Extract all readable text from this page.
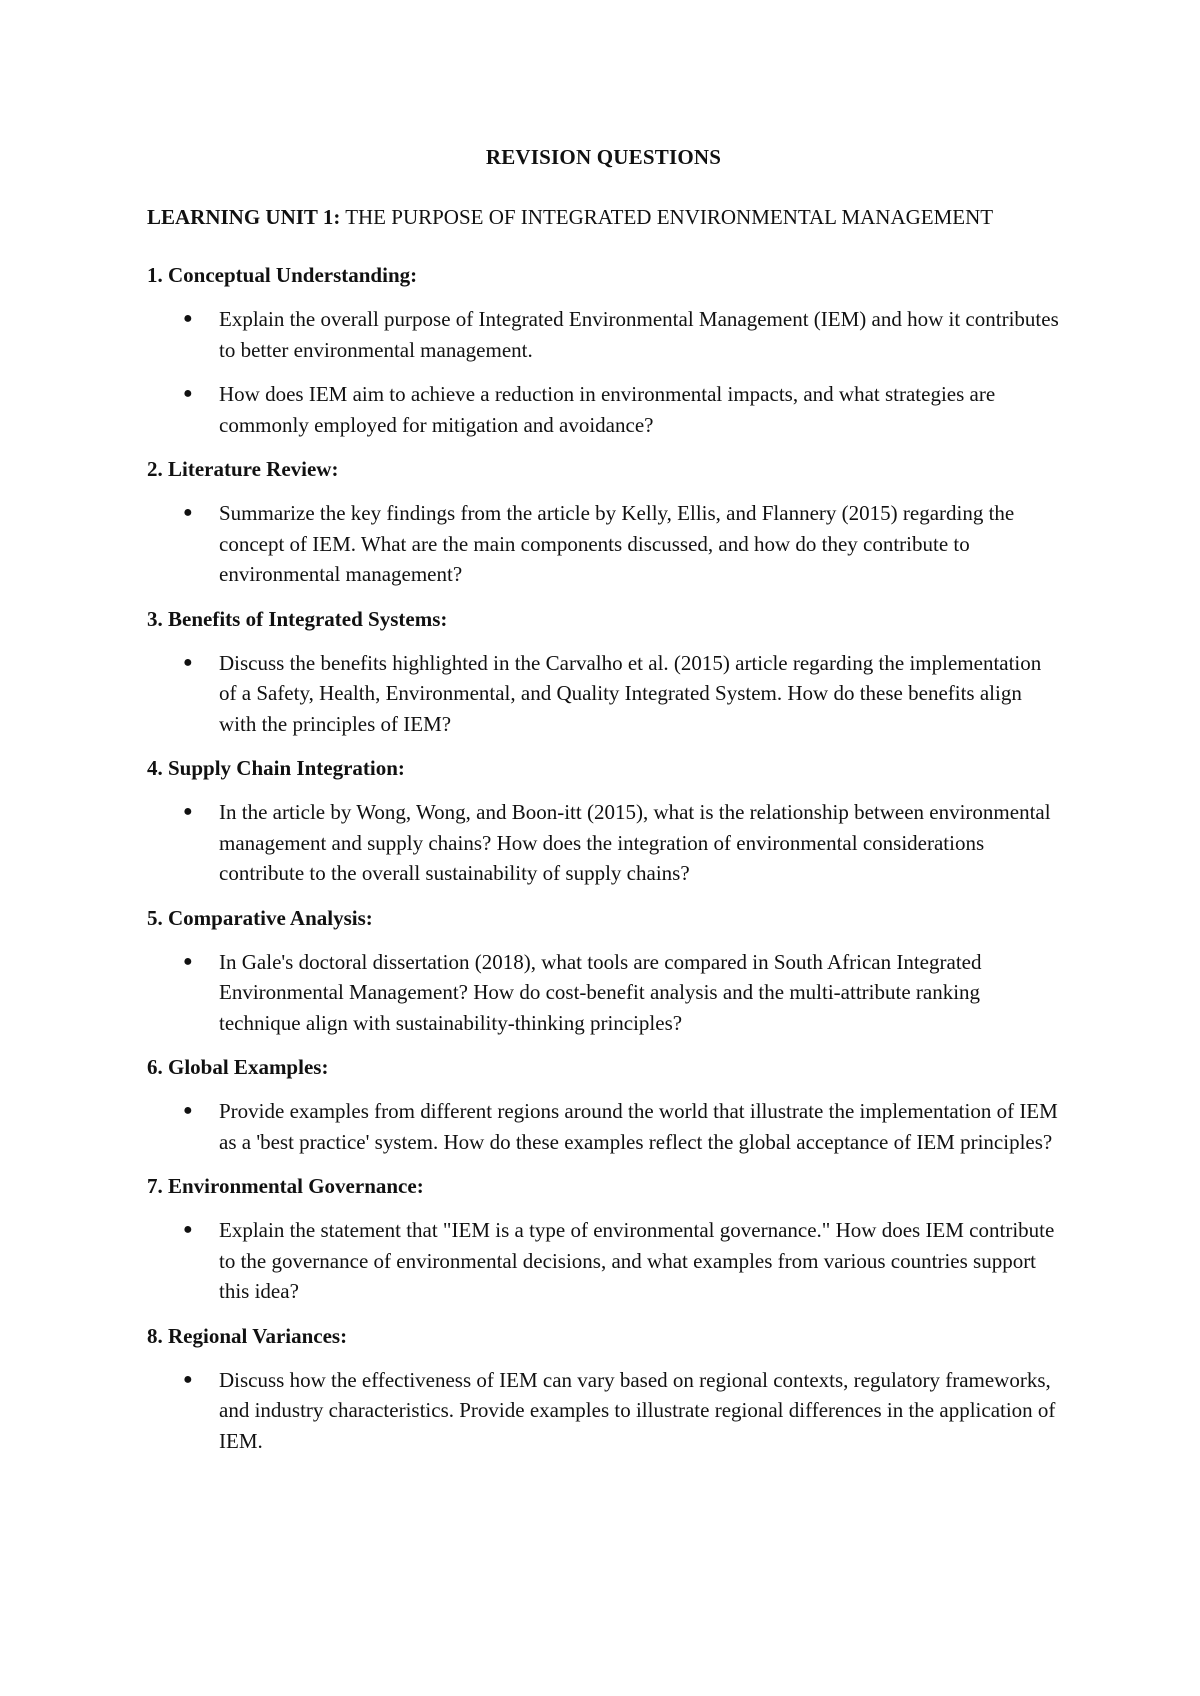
REVISION QUESTIONS
LEARNING UNIT 1: THE PURPOSE OF INTEGRATED ENVIRONMENTAL MANAGEMENT
1. Conceptual Understanding:
● Explain the overall purpose of Integrated Environmental Management (IEM) and how it contributes to better environmental management.
● How does IEM aim to achieve a reduction in environmental impacts, and what strategies are commonly employed for mitigation and avoidance?
2. Literature Review:
● Summarize the key findings from the article by Kelly, Ellis, and Flannery (2015) regarding the concept of IEM. What are the main components discussed, and how do they contribute to environmental management?
3. Benefits of Integrated Systems:
● Discuss the benefits highlighted in the Carvalho et al. (2015) article regarding the implementation of a Safety, Health, Environmental, and Quality Integrated System. How do these benefits align with the principles of IEM?
4. Supply Chain Integration:
● In the article by Wong, Wong, and Boon-itt (2015), what is the relationship between environmental management and supply chains? How does the integration of environmental considerations contribute to the overall sustainability of supply chains?
5. Comparative Analysis:
● In Gale's doctoral dissertation (2018), what tools are compared in South African Integrated Environmental Management? How do cost-benefit analysis and the multi-attribute ranking technique align with sustainability-thinking principles?
6. Global Examples:
● Provide examples from different regions around the world that illustrate the implementation of IEM as a 'best practice' system. How do these examples reflect the global acceptance of IEM principles?
7. Environmental Governance:
● Explain the statement that "IEM is a type of environmental governance." How does IEM contribute to the governance of environmental decisions, and what examples from various countries support this idea?
8. Regional Variances:
● Discuss how the effectiveness of IEM can vary based on regional contexts, regulatory frameworks, and industry characteristics. Provide examples to illustrate regional differences in the application of IEM.
